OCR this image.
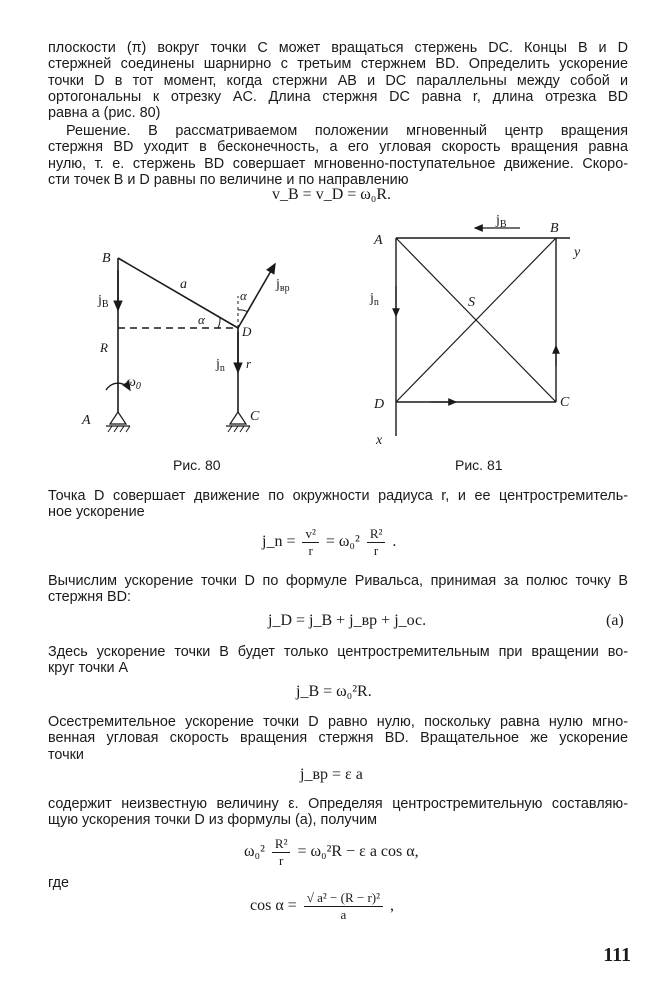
плоскости (π) вокруг точки C может вращаться стержень DC. Концы B и D
стержней соединены шарнирно с третьим стержнем BD. Определить ускорение
точки D в тот момент, когда стержни AB и DC параллельны между собой и
ортогональны к отрезку AC. Длина стержня DC равна r, длина отрезка BD
равна a (рис. 80)
Решение. В рассматриваемом положении мгновенный центр вращения
стержня BD уходит в бесконечность, а его угловая скорость вращения равна
нулю, т. е. стержень BD совершает мгновенно-поступательное движение. Скоро-
сти точек B и D равны по величине и по направлению
v_B = v_D = ω₀R.
B
A
D
C
a
R
r
α
α
$j_B$
$j_{вр}$
$j_n$
$\omega_0$
Рис. 80
A
B
C
D
S
x
y
$j_B$
$j_n$
Рис. 81
Точка D совершает движение по окружности радиуса r, и ее центростремитель-
ное ускорение
j_n = $\frac{\text{v²}}{r} = \omega_0^2 \frac{\text{R²}}{r}$ .
Вычислим ускорение точки D по формуле Ривальса, принимая за полюс точку B
стержня BD:
j_D = j_B + j_вр + j_ос.	(а)
Здесь ускорение точки B будет только центростремительным при вращении во-
круг точки A
j_B = ω₀²R.
Осестремительное ускорение точки D равно нулю, поскольку равна нулю мгно-
венная угловая скорость вращения стержня BD. Вращательное же ускорение
точки
j_вр = ε a
содержит неизвестную величину ε. Определяя центростремительную составляю-
щую ускорения точки D из формулы (а), получим
$\omega_0^2 \frac{\text{R²}}{r} = \omega_0^2R - \varepsilon$ a cos α,
где
$\cos \alpha = \frac{\text{√ a² − (R − r)²}}{a}$ ,
111
